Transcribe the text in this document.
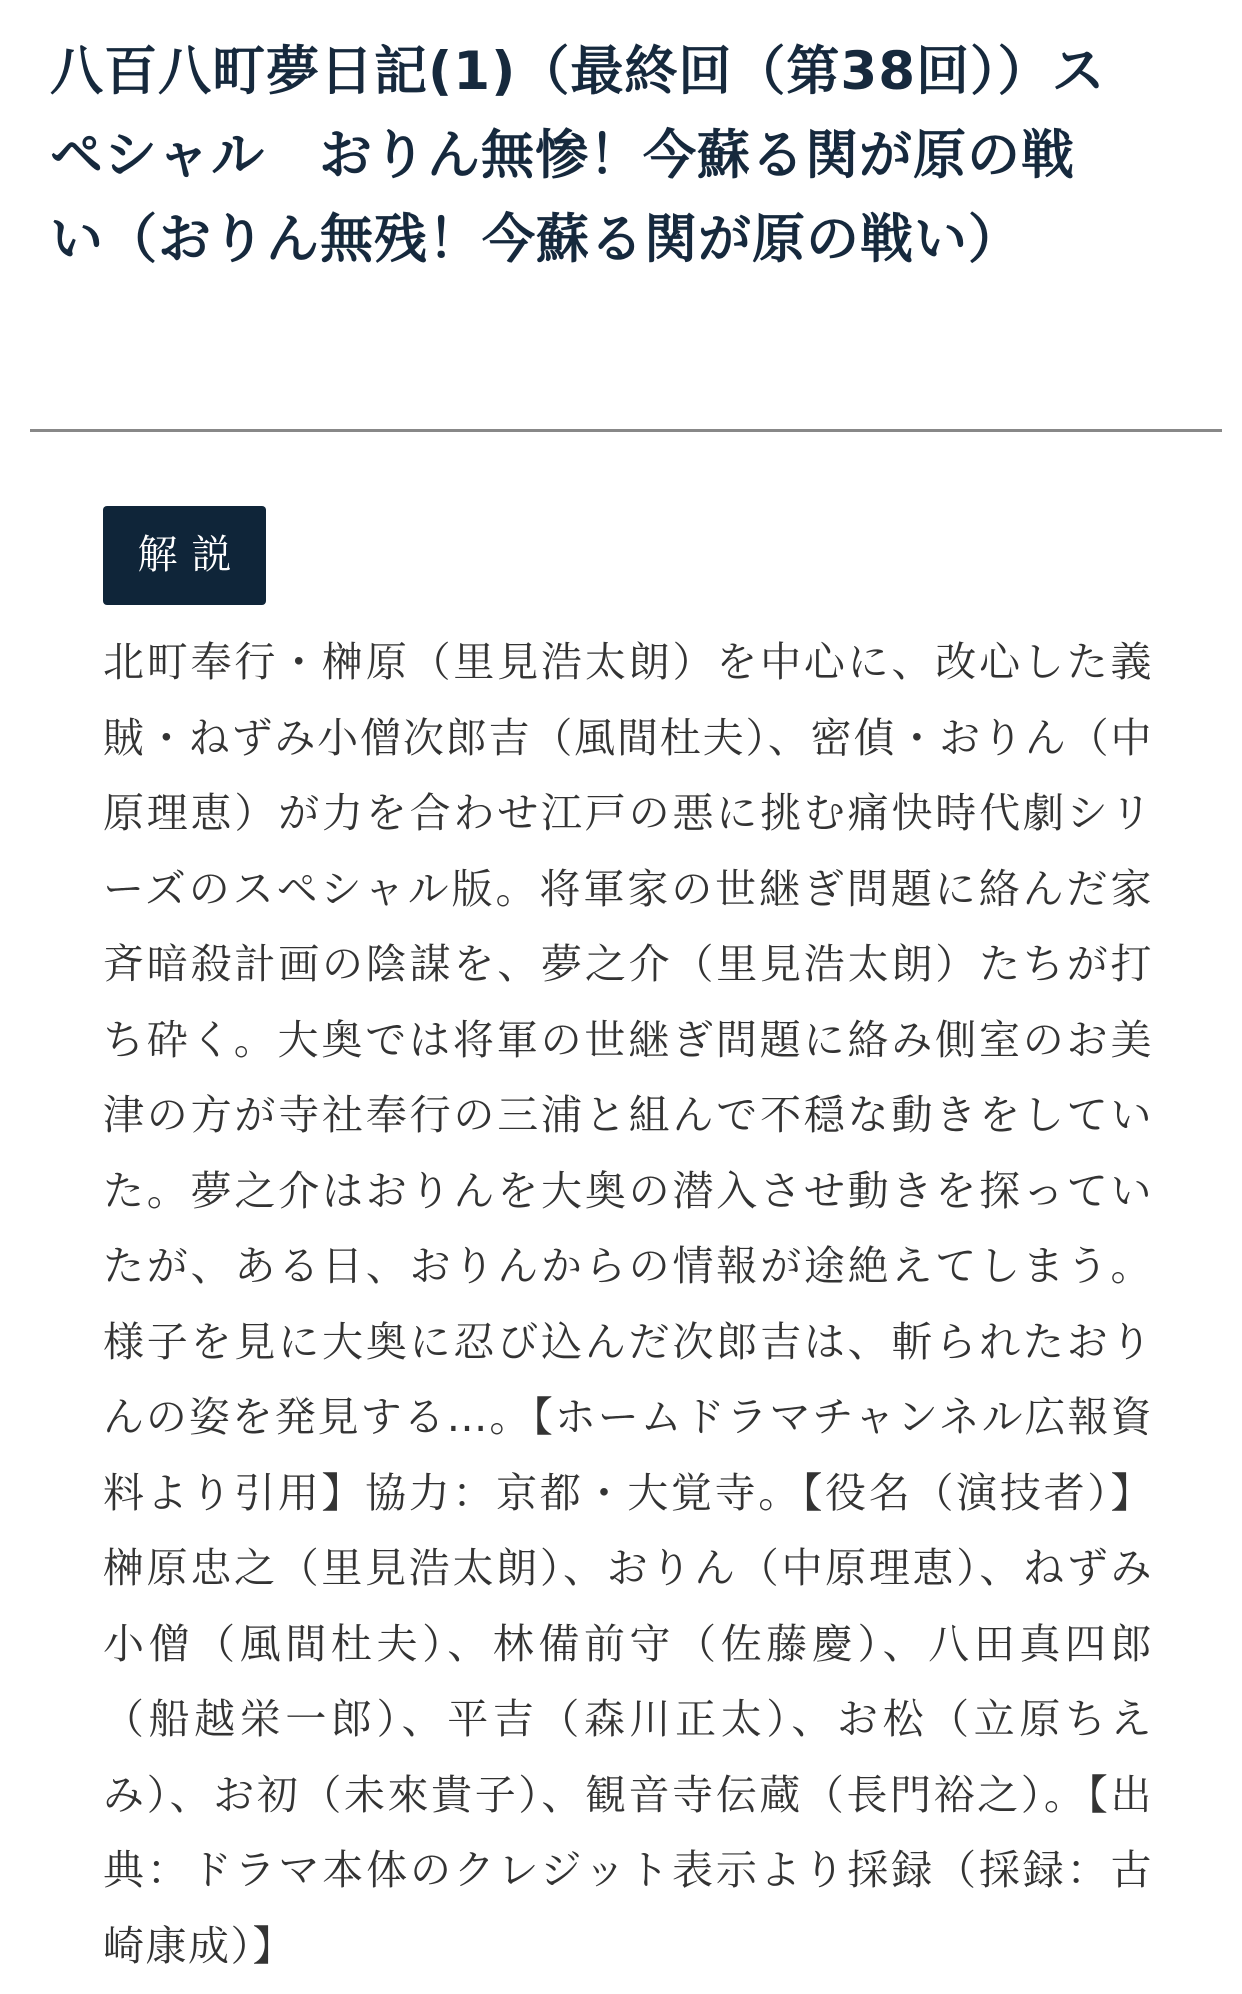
八百八町夢日記(1)（最終回（第38回））スペシャル　おりん無惨！今蘇る関が原の戦い（おりん無残！今蘇る関が原の戦い）
解説

北町奉行・榊原（里見浩太朗）を中心に、改心した義賊・ねずみ小僧次郎吉（風間杜夫）、密偵・おりん（中原理恵）が力を合わせ江戸の悪に挑む痛快時代劇シリーズのスペシャル版。将軍家の世継ぎ問題に絡んだ家斉暗殺計画の陰謀を、夢之介（里見浩太朗）たちが打ち砕く。大奥では将軍の世継ぎ問題に絡み側室のお美津の方が寺社奉行の三浦と組んで不穏な動きをしていた。夢之介はおりんを大奥の潜入させ動きを探っていたが、ある日、おりんからの情報が途絶えてしまう。様子を見に大奥に忍び込んだ次郎吉は、斬られたおりんの姿を発見する…。【ホームドラマチャンネル広報資料より引用】協力：京都・大覚寺。【役名（演技者）】榊原忠之（里見浩太朗）、おりん（中原理恵）、ねずみ小僧（風間杜夫）、林備前守（佐藤慶）、八田真四郎（船越栄一郎）、平吉（森川正太）、お松（立原ちえみ）、お初（未來貴子）、観音寺伝蔵（長門裕之）。【出典：ドラマ本体のクレジット表示より採録（採録：古崎康成）】
